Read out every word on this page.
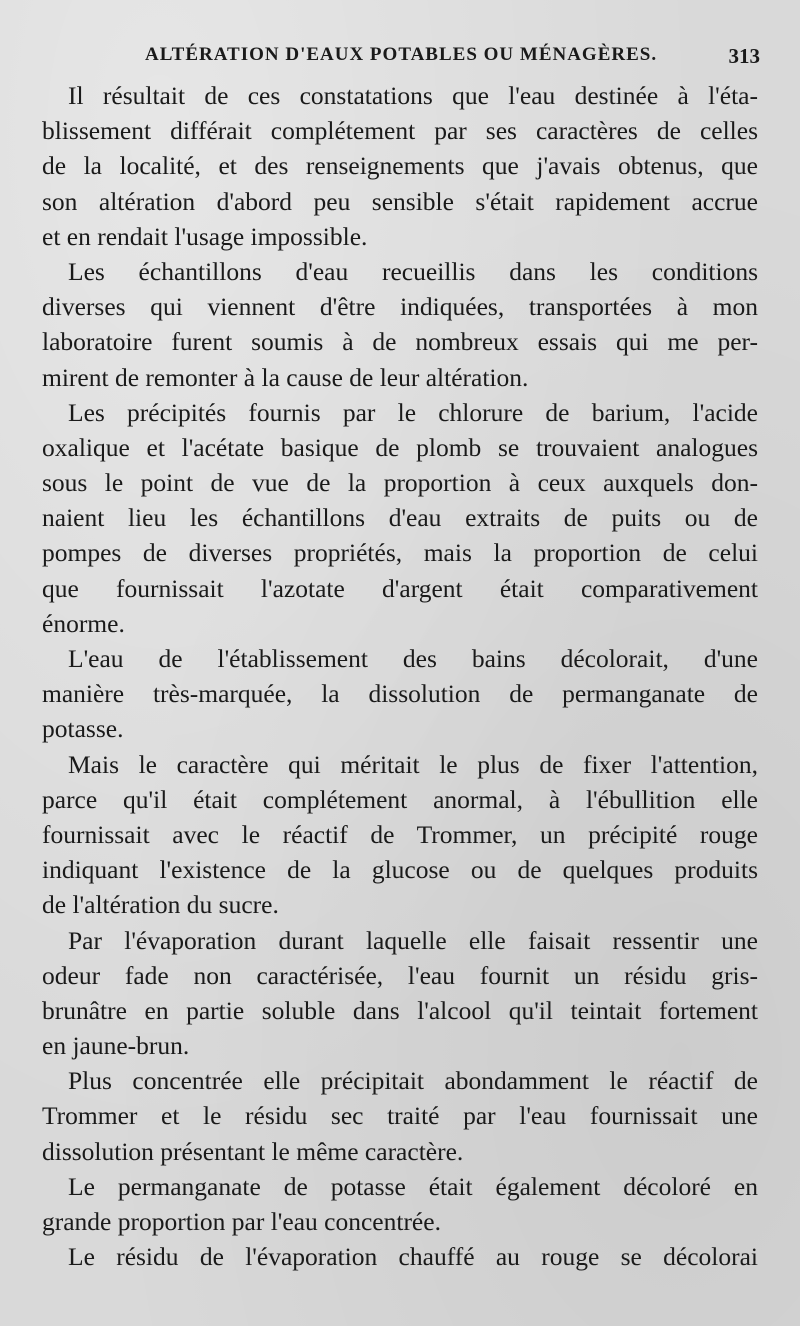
ALTÉRATION D'EAUX POTABLES OU MÉNAGÈRES.	313
Il résultait de ces constatations que l'eau destinée à l'éta-
blissement différait complétement par ses caractères de celles
de la localité, et des renseignements que j'avais obtenus, que
son altération d'abord peu sensible s'était rapidement accrue
et en rendait l'usage impossible.
Les échantillons d'eau recueillis dans les conditions
diverses qui viennent d'être indiquées, transportées à mon
laboratoire furent soumis à de nombreux essais qui me per-
mirent de remonter à la cause de leur altération.
Les précipités fournis par le chlorure de barium, l'acide
oxalique et l'acétate basique de plomb se trouvaient analogues
sous le point de vue de la proportion à ceux auxquels don-
naient lieu les échantillons d'eau extraits de puits ou de
pompes de diverses propriétés, mais la proportion de celui
que fournissait l'azotate d'argent était comparativement
énorme.
L'eau de l'établissement des bains décolorait, d'une
manière très-marquée, la dissolution de permanganate de
potasse.
Mais le caractère qui méritait le plus de fixer l'attention,
parce qu'il était complétement anormal, à l'ébullition elle
fournissait avec le réactif de Trommer, un précipité rouge
indiquant l'existence de la glucose ou de quelques produits
de l'altération du sucre.
Par l'évaporation durant laquelle elle faisait ressentir une
odeur fade non caractérisée, l'eau fournit un résidu gris-
brunâtre en partie soluble dans l'alcool qu'il teintait fortement
en jaune-brun.
Plus concentrée elle précipitait abondamment le réactif de
Trommer et le résidu sec traité par l'eau fournissait une
dissolution présentant le même caractère.
Le permanganate de potasse était également décoloré en
grande proportion par l'eau concentrée.
Le résidu de l'évaporation chauffé au rouge se décolorai
